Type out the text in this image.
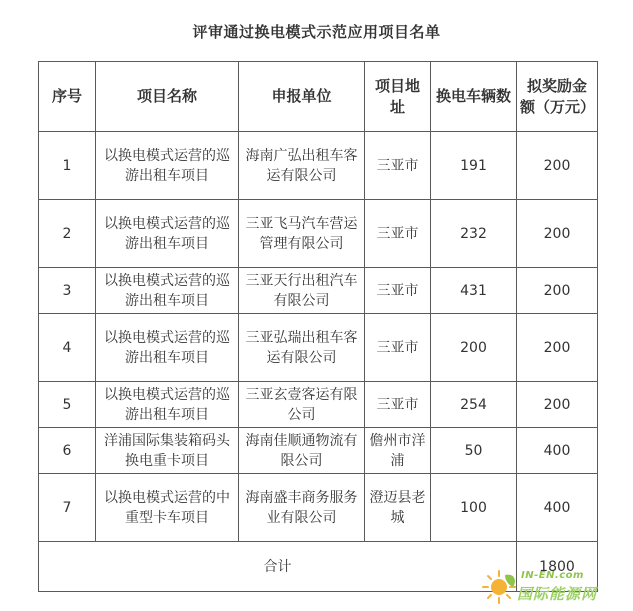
评审通过换电模式示范应用项目名单
序号	项目名称	申报单位	项目地址	换电车辆数	拟奖励金额（万元）
1	以换电模式运营的巡游出租车项目	海南广弘出租车客运有限公司	三亚市	191	200
2	以换电模式运营的巡游出租车项目	三亚飞马汽车营运管理有限公司	三亚市	232	200
3	以换电模式运营的巡游出租车项目	三亚天行出租汽车有限公司	三亚市	431	200
4	以换电模式运营的巡游出租车项目	三亚弘瑞出租车客运有限公司	三亚市	200	200
5	以换电模式运营的巡游出租车项目	三亚玄壹客运有限公司	三亚市	254	200
6	洋浦国际集装箱码头换电重卡项目	海南佳顺通物流有限公司	儋州市洋浦	50	400
7	以换电模式运营的中重型卡车项目	海南盛丰商务服务业有限公司	澄迈县老城	100	400
合计					1800
IN-EN.com
国际能源网
